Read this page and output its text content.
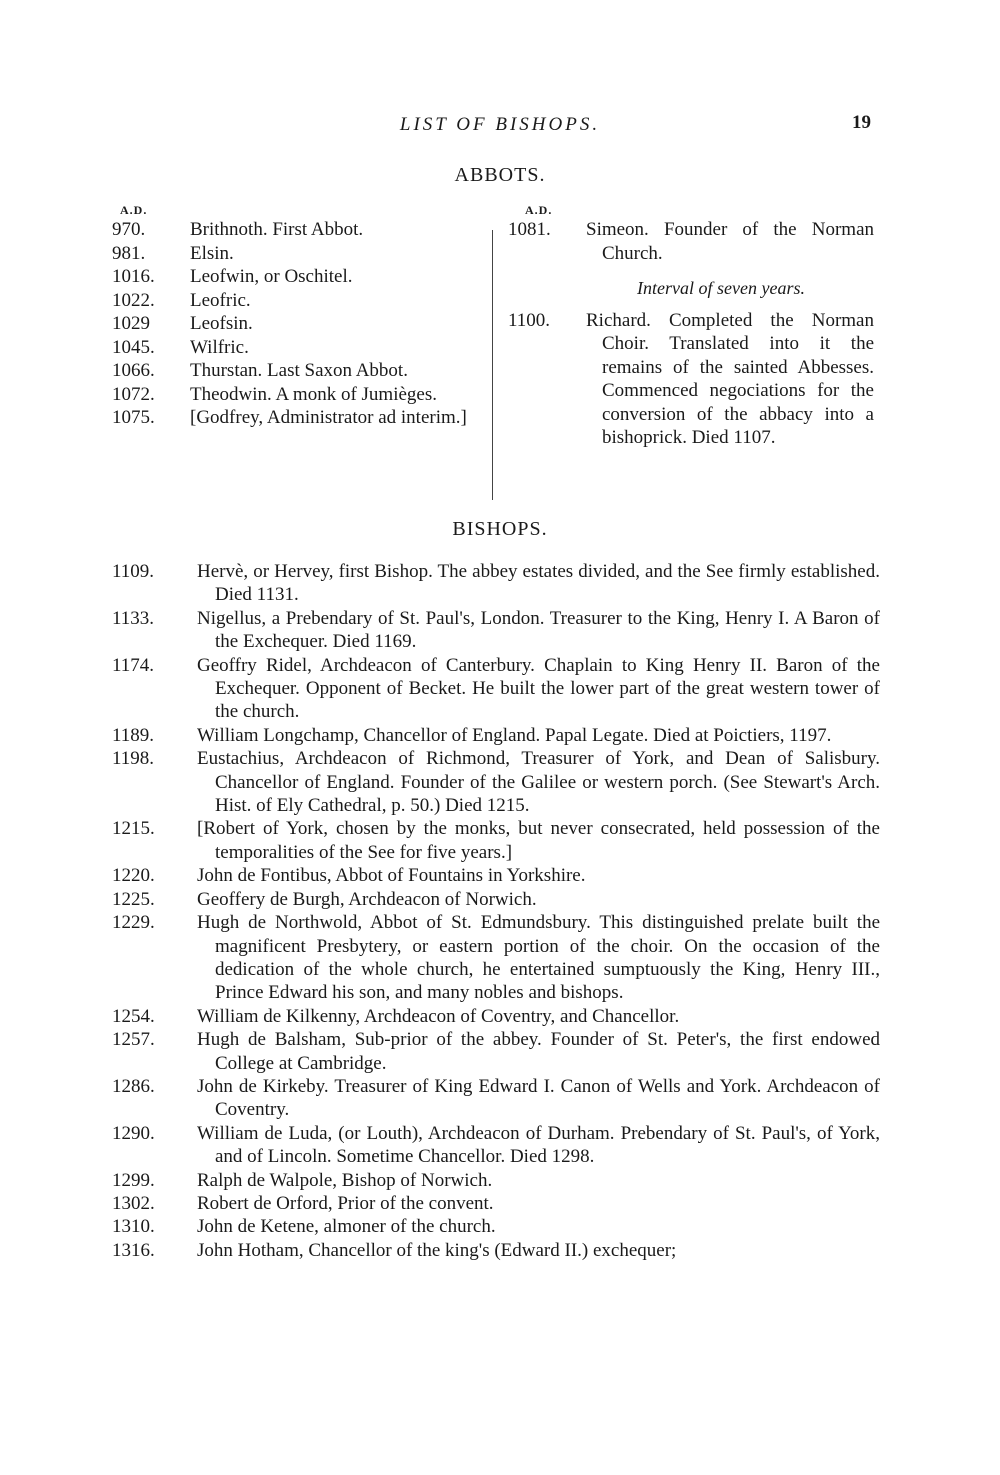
LIST OF BISHOPS.	19
ABBOTS.
A.D.	A.D.
970.	Brithnoth. First Abbot.
981.	Elsin.
1016.	Leofwin, or Oschitel.
1022.	Leofric.
1029	Leofsin.
1045.	Wilfric.
1066.	Thurstan. Last Saxon Abbot.
1072.	Theodwin. A monk of Jumièges.
1075.	[Godfrey, Administrator ad interim.]
1081.	Simeon. Founder of the Norman Church.
Interval of seven years.
1100.	Richard. Completed the Norman Choir. Translated into it the remains of the sainted Abbesses. Commenced negociations for the conversion of the abbacy into a bishoprick. Died 1107.
BISHOPS.
1109.	Hervè, or Hervey, first Bishop. The abbey estates divided, and the See firmly established. Died 1131.
1133.	Nigellus, a Prebendary of St. Paul's, London. Treasurer to the King, Henry I. A Baron of the Exchequer. Died 1169.
1174.	Geoffry Ridel, Archdeacon of Canterbury. Chaplain to King Henry II. Baron of the Exchequer. Opponent of Becket. He built the lower part of the great western tower of the church.
1189.	William Longchamp, Chancellor of England. Papal Legate. Died at Poictiers, 1197.
1198.	Eustachius, Archdeacon of Richmond, Treasurer of York, and Dean of Salisbury. Chancellor of England. Founder of the Galilee or western porch. (See Stewart's Arch. Hist. of Ely Cathedral, p. 50.) Died 1215.
1215.	[Robert of York, chosen by the monks, but never consecrated, held possession of the temporalities of the See for five years.]
1220.	John de Fontibus, Abbot of Fountains in Yorkshire.
1225.	Geoffery de Burgh, Archdeacon of Norwich.
1229.	Hugh de Northwold, Abbot of St. Edmundsbury. This distinguished prelate built the magnificent Presbytery, or eastern portion of the choir. On the occasion of the dedication of the whole church, he entertained sumptuously the King, Henry III., Prince Edward his son, and many nobles and bishops.
1254.	William de Kilkenny, Archdeacon of Coventry, and Chancellor.
1257.	Hugh de Balsham, Sub-prior of the abbey. Founder of St. Peter's, the first endowed College at Cambridge.
1286.	John de Kirkeby. Treasurer of King Edward I. Canon of Wells and York. Archdeacon of Coventry.
1290.	William de Luda, (or Louth), Archdeacon of Durham. Prebendary of St. Paul's, of York, and of Lincoln. Sometime Chancellor. Died 1298.
1299.	Ralph de Walpole, Bishop of Norwich.
1302.	Robert de Orford, Prior of the convent.
1310.	John de Ketene, almoner of the church.
1316.	John Hotham, Chancellor of the king's (Edward II.) exchequer;
